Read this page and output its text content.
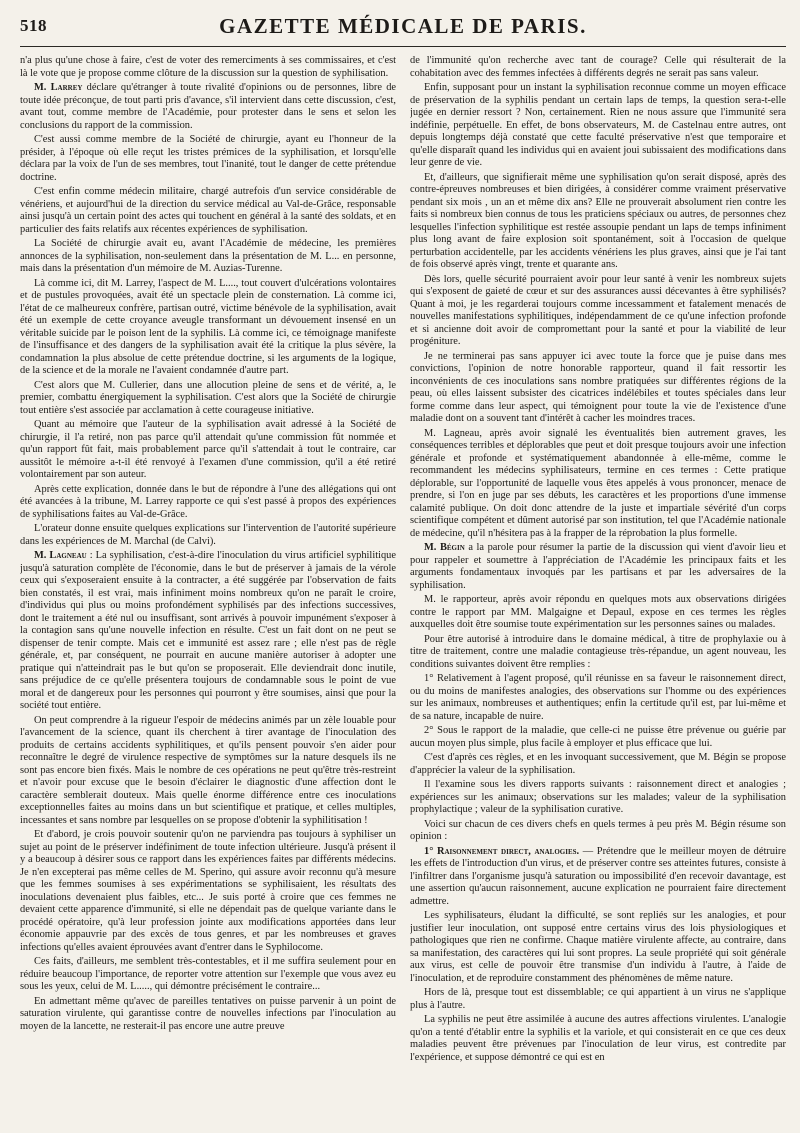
518	GAZETTE MÉDICALE DE PARIS.

n'a plus qu'une chose à faire, c'est de voter des remerciments à ses commissaires, et c'est là le vote que je propose comme clôture de la discussion sur la question de syphilisation.

M. Larrey déclare qu'étranger à toute rivalité d'opinions ou de personnes, libre de toute idée préconçue, de tout parti pris d'avance, s'il intervient dans cette discussion, c'est, avant tout, comme membre de l'Académie, pour protester dans le sens et selon les conclusions du rapport de la commission.

C'est aussi comme membre de la Société de chirurgie, ayant eu l'honneur de la présider, à l'époque où elle reçut les tristes prémices de la syphilisation, et lorsqu'elle déclara par la voix de l'un de ses membres, tout l'inanité, tout le danger de cette prétendue doctrine.

C'est enfin comme médecin militaire, chargé autrefois d'un service considérable de vénériens, et aujourd'hui de la direction du service médical au Val-de-Grâce, responsable ainsi jusqu'à un certain point des actes qui touchent en général à la santé des soldats, et en particulier des faits relatifs aux récentes expériences de syphilisation.

La Société de chirurgie avait eu, avant l'Académie de médecine, les premières annonces de la syphilisation, non-seulement dans la présentation de M. L... en personne, mais dans la présentation d'un mémoire de M. Auzias-Turenne.

Là comme ici, dit M. Larrey, l'aspect de M. L...., tout couvert d'ulcérations volontaires et de pustules provoquées, avait été un spectacle plein de consternation. Là comme ici, l'état de ce malheureux confrère, partisan outré, victime bénévole de la syphilisation, avait été un exemple de cette croyance aveugle transformant un dévouement insensé en un véritable suicide par le poison lent de la syphilis. Là comme ici, ce témoignage manifeste de l'insuffisance et des dangers de la syphilisation avait été la critique la plus sévère, la condamnation la plus absolue de cette prétendue doctrine, si les arguments de la logique, de la science et de la morale ne l'avaient condamnée d'autre part.

C'est alors que M. Cullerier, dans une allocution pleine de sens et de vérité, a, le premier, combattu énergiquement la syphilisation. C'est alors que la Société de chirurgie tout entière s'est associée par acclamation à cette courageuse initiative.

Quant au mémoire que l'auteur de la syphilisation avait adressé à la Société de chirurgie, il l'a retiré, non pas parce qu'il attendait qu'une commission fût nommée et qu'un rapport fût fait, mais probablement parce qu'il s'attendait à tout le contraire, car aussitôt le mémoire a-t-il été renvoyé à l'examen d'une commission, qu'il a été retiré volontairement par son auteur.

Après cette explication, donnée dans le but de répondre à l'une des allégations qui ont été avancées à la tribune, M. Larrey rapporte ce qui s'est passé à propos des expériences de syphilisations faites au Val-de-Grâce.

L'orateur donne ensuite quelques explications sur l'intervention de l'autorité supérieure dans les expériences de M. Marchal (de Calvi).

M. Lagneau : La syphilisation, c'est-à-dire l'inoculation du virus artificiel syphilitique jusqu'à saturation complète de l'économie, dans le but de préserver à jamais de la vérole ceux qui s'exposeraient ensuite à la contracter, a été suggérée par l'observation de faits bien constatés, il est vrai, mais infiniment moins nombreux qu'on ne paraît le croire, d'individus qui plus ou moins profondément syphilisés par des infections successives, dont le traitement a été nul ou insuffisant, sont arrivés à pouvoir impunément s'exposer à la contagion sans qu'une nouvelle infection en résulte. C'est un fait dont on ne peut se dispenser de tenir compte. Mais cet e immunité est assez rare ; elle n'est pas de règle générale, et, par conséquent, ne pourrait en aucune manière autoriser à adopter une pratique qui n'atteindrait pas le but qu'on se proposerait. Elle deviendrait donc inutile, sans préjudice de ce qu'elle présentera toujours de condamnable sous le point de vue moral et de dangereux pour les personnes qui pourront y être soumises, ainsi que pour la société tout entière.

On peut comprendre à la rigueur l'espoir de médecins animés par un zèle louable pour l'avancement de la science, quant ils cherchent à tirer avantage de l'inoculation des produits de certains accidents syphilitiques, et qu'ils pensent pouvoir s'en aider pour reconnaître le degré de virulence respective de symptômes sur la nature desquels ils ne sont pas encore bien fixés. Mais le nombre de ces opérations ne peut qu'être très-restreint et n'avoir pour excuse que le besoin d'éclairer le diagnostic d'une affection dont le caractère semblerait douteux. Mais quelle énorme différence entre ces inoculations exceptionnelles faites au moins dans un but scientifique et pratique, et celles multiples, incessantes et sans nombre par lesquelles on se propose d'obtenir la syphilitisation !

Et d'abord, je crois pouvoir soutenir qu'on ne parviendra pas toujours à syphiliser un sujet au point de le préserver indéfiniment de toute infection ultérieure. Jusqu'à présent il y a beaucoup à désirer sous ce rapport dans les expériences faites par différents médecins. Je n'en excepterai pas même celles de M. Sperino, qui assure avoir reconnu qu'à mesure que les femmes soumises à ses expérimentations se syphilisaient, les résultats des inoculations devenaient plus faibles, etc... Je suis porté à croire que ces femmes ne devaient cette apparence d'immunité, si elle ne dépendait pas de quelque variante dans le procédé opératoire, qu'à leur profession jointe aux modifications apportées dans leur économie appauvrie par des excès de tous genres, et par les nombreuses et graves infections qu'elles avaient éprouvées avant d'entrer dans le Syphilocome.

Ces faits, d'ailleurs, me semblent très-contestables, et il me suffira seulement pour en réduire beaucoup l'importance, de reporter votre attention sur l'exemple que vous avez eu sous les yeux, celui de M. L....., qui démontre précisément le contraire...

En admettant même qu'avec de pareilles tentatives on puisse parvenir à un point de saturation virulente, qui garantisse contre de nouvelles infections par l'inoculation au moyen de la lancette, ne resterait-il pas encore une autre preuve

de l'immunité qu'on recherche avec tant de courage? Celle qui résulterait de la cohabitation avec des femmes infectées à différents degrés ne serait pas sans valeur.

Enfin, supposant pour un instant la syphilisation reconnue comme un moyen efficace de préservation de la syphilis pendant un certain laps de temps, la question sera-t-elle jugée en dernier ressort ? Non, certainement. Rien ne nous assure que l'immunité sera indéfinie, perpétuelle. En effet, de bons observateurs, M. de Castelnau entre autres, ont depuis longtemps déjà constaté que cette faculté préservative n'est que temporaire et qu'elle disparaît quand les individus qui en avaient joui subissaient des modifications dans leur genre de vie.

Et, d'ailleurs, que signifierait même une syphilisation qu'on serait disposé, après des contre-épreuves nombreuses et bien dirigées, à considérer comme vraiment préservative pendant six mois , un an et même dix ans? Elle ne prouverait absolument rien contre les faits si nombreux bien connus de tous les praticiens spéciaux ou autres, de personnes chez lesquelles l'infection syphilitique est restée assoupie pendant un laps de temps infiniment plus long avant de faire explosion soit spontanément, soit à l'occasion de quelque perturbation accidentelle, par les accidents vénériens les plus graves, ainsi que je l'ai tant de fois observé après vingt, trente et quarante ans.

Dès lors, quelle sécurité pourraient avoir pour leur santé à venir les nombreux sujets qui s'exposent de gaieté de cœur et sur des assurances aussi décevantes à être syphilisés? Quant à moi, je les regarderai toujours comme incessamment et fatalement menacés de nouvelles manifestations syphilitiques, indépendamment de ce qu'une infection profonde et si ancienne doit avoir de compromettant pour la santé et pour la viabilité de leur progéniture.

Je ne terminerai pas sans appuyer ici avec toute la force que je puise dans mes convictions, l'opinion de notre honorable rapporteur, quand il fait ressortir les inconvénients de ces inoculations sans nombre pratiquées sur différentes régions de la peau, où elles laissent subsister des cicatrices indélébiles et toutes spéciales dans leur forme comme dans leur aspect, qui témoignent pour toute la vie de l'existence d'une maladie dont on a souvent tant d'intérêt à cacher les moindres traces.

M. Lagneau, après avoir signalé les éventualités bien autrement graves, les conséquences terribles et déplorables que peut et doit presque toujours avoir une infection générale et profonde et systématiquement abandonnée à elle-même, comme le recommandent les médecins syphilisateurs, termine en ces termes : Cette pratique déplorable, sur l'opportunité de laquelle vous êtes appelés à vous prononcer, menace de prendre, si l'on en juge par ses débuts, les caractères et les proportions d'une immense calamité publique. On doit donc attendre de la juste et impartiale sévérité d'un corps scientifique compétent et dûment autorisé par son institution, tel que l'Académie nationale de médecine, qu'il n'hésitera pas à la frapper de la réprobation la plus formelle.

M. Bégin a la parole pour résumer la partie de la discussion qui vient d'avoir lieu et pour rappeler et soumettre à l'appréciation de l'Académie les principaux faits et les arguments fondamentaux invoqués par les partisans et par les adversaires de la syphilisation.

M. le rapporteur, après avoir répondu en quelques mots aux observations dirigées contre le rapport par MM. Malgaigne et Depaul, expose en ces termes les règles auxquelles doit être soumise toute expérimentation sur les personnes saines ou malades.

Pour être autorisé à introduire dans le domaine médical, à titre de prophylaxie ou à titre de traitement, contre une maladie contagieuse très-répandue, un agent nouveau, les conditions suivantes doivent être remplies :

1° Relativement à l'agent proposé, qu'il réunisse en sa faveur le raisonnement direct, ou du moins de manifestes analogies, des observations sur l'homme ou des expériences sur les animaux, nombreuses et authentiques; enfin la certitude qu'il est, par lui-même et de sa nature, incapable de nuire.

2° Sous le rapport de la maladie, que celle-ci ne puisse être prévenue ou guérie par aucun moyen plus simple, plus facile à employer et plus efficace que lui.

C'est d'après ces règles, et en les invoquant successivement, que M. Bégin se propose d'apprécier la valeur de la syphilisation.

Il l'examine sous les divers rapports suivants : raisonnement direct et analogies ; expériences sur les animaux; observations sur les malades; valeur de la syphilisation prophylactique ; valeur de la syphilisation curative.

Voici sur chacun de ces divers chefs en quels termes à peu près M. Bégin résume son opinion :

1° Raisonnement direct, analogies. — Prétendre que le meilleur moyen de détruire les effets de l'introduction d'un virus, et de préserver contre ses atteintes futures, consiste à l'infiltrer dans l'organisme jusqu'à saturation ou impossibilité d'en recevoir davantage, est une assertion qu'aucun raisonnement, aucune explication ne pourraient faire directement admettre.

Les syphilisateurs, éludant la difficulté, se sont repliés sur les analogies, et pour justifier leur inoculation, ont supposé entre certains virus des lois physiologiques et pathologiques que rien ne confirme. Chaque matière virulente affecte, au contraire, dans sa manifestation, des caractères qui lui sont propres. La seule propriété qui soit générale aux virus, est celle de pouvoir être transmise d'un individu à l'autre, à l'aide de l'inoculation, et de reproduire constamment des phénomènes de même nature.

Hors de là, presque tout est dissemblable; ce qui appartient à un virus ne s'applique plus à l'autre.

La syphilis ne peut être assimilée à aucune des autres affections virulentes. L'analogie qu'on a tenté d'établir entre la syphilis et la variole, et qui consisterait en ce que ces deux maladies peuvent être prévenues par l'inoculation de leur virus, est contredite par l'expérience, et suppose démontré ce qui est en
